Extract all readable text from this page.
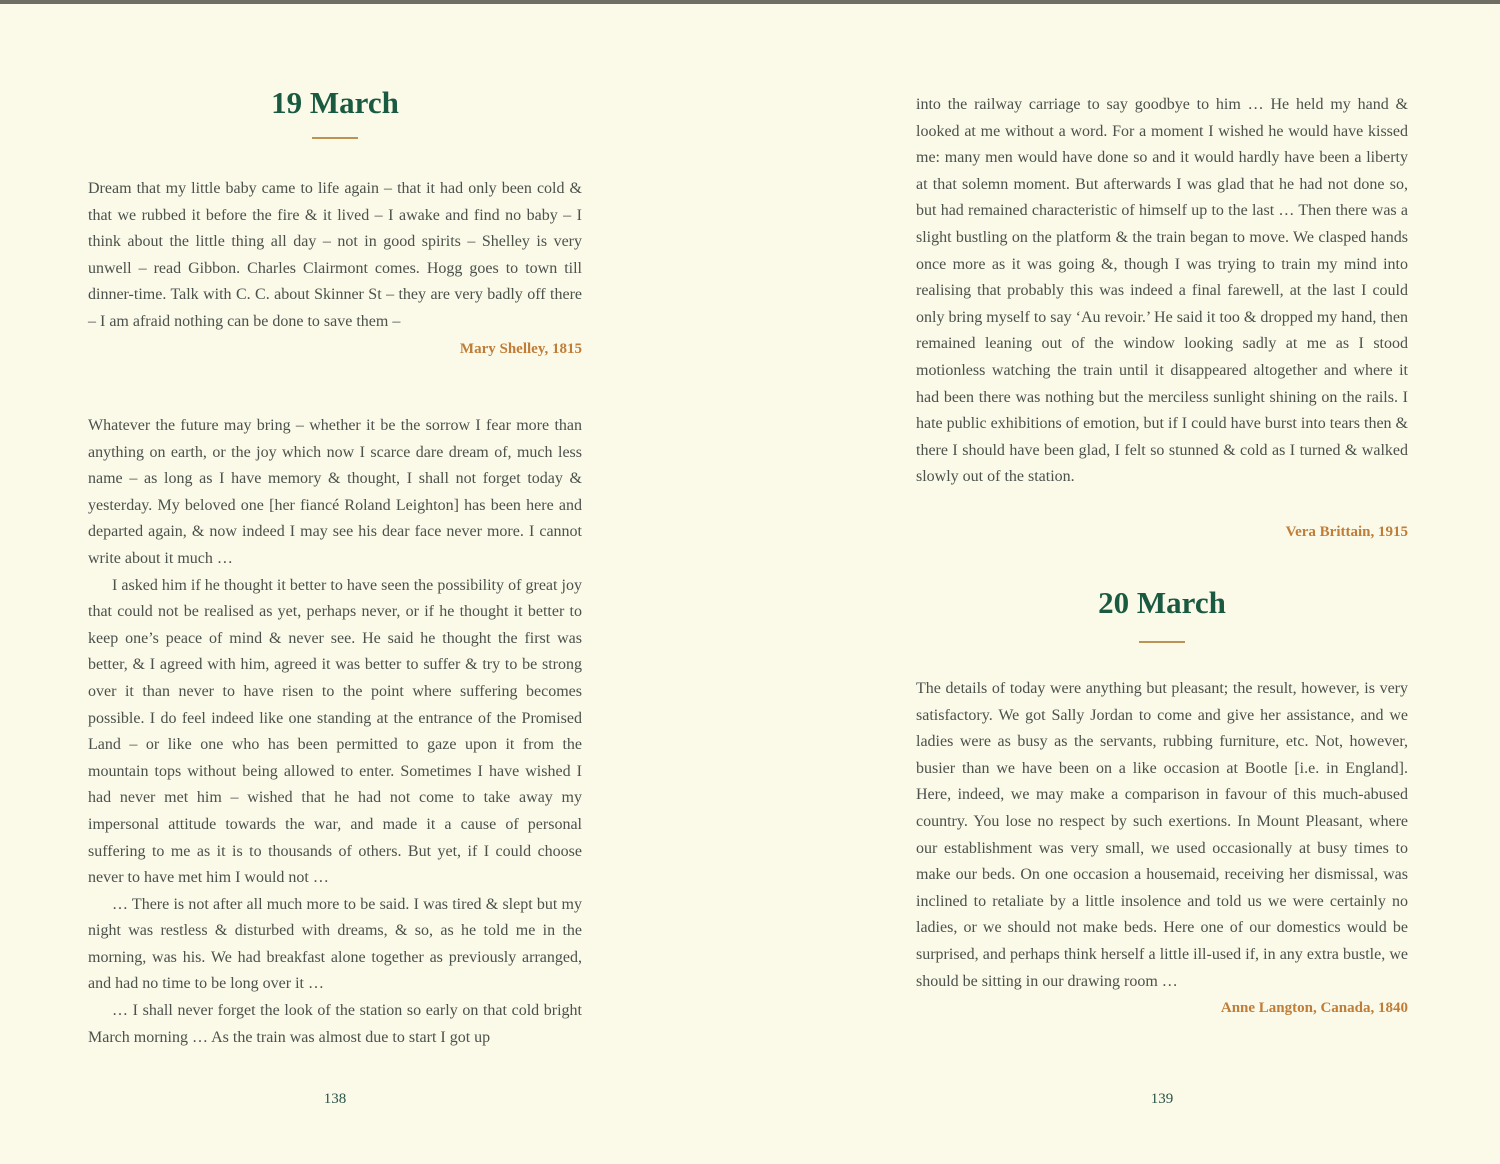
19 March

Dream that my little baby came to life again – that it had only been cold & that we rubbed it before the fire & it lived – I awake and find no baby – I think about the little thing all day – not in good spirits – Shelley is very unwell – read Gibbon. Charles Clairmont comes. Hogg goes to town till dinner-time. Talk with C. C. about Skinner St – they are very badly off there – I am afraid nothing can be done to save them –

Mary Shelley, 1815

Whatever the future may bring – whether it be the sorrow I fear more than anything on earth, or the joy which now I scarce dare dream of, much less name – as long as I have memory & thought, I shall not forget today & yesterday. My beloved one [her fiancé Roland Leighton] has been here and departed again, & now indeed I may see his dear face never more. I cannot write about it much …

I asked him if he thought it better to have seen the possibility of great joy that could not be realised as yet, perhaps never, or if he thought it better to keep one’s peace of mind & never see. He said he thought the first was better, & I agreed with him, agreed it was better to suffer & try to be strong over it than never to have risen to the point where suffering becomes possible. I do feel indeed like one standing at the entrance of the Promised Land – or like one who has been permitted to gaze upon it from the mountain tops without being allowed to enter. Sometimes I have wished I had never met him – wished that he had not come to take away my impersonal attitude towards the war, and made it a cause of personal suffering to me as it is to thousands of others. But yet, if I could choose never to have met him I would not …

… There is not after all much more to be said. I was tired & slept but my night was restless & disturbed with dreams, & so, as he told me in the morning, was his. We had breakfast alone together as previously arranged, and had no time to be long over it …

… I shall never forget the look of the station so early on that cold bright March morning … As the train was almost due to start I got up

138

into the railway carriage to say goodbye to him … He held my hand & looked at me without a word. For a moment I wished he would have kissed me: many men would have done so and it would hardly have been a liberty at that solemn moment. But afterwards I was glad that he had not done so, but had remained characteristic of himself up to the last … Then there was a slight bustling on the platform & the train began to move. We clasped hands once more as it was going &, though I was trying to train my mind into realising that probably this was indeed a final farewell, at the last I could only bring myself to say ‘Au revoir.’ He said it too & dropped my hand, then remained leaning out of the window looking sadly at me as I stood motionless watching the train until it disappeared altogether and where it had been there was nothing but the merciless sunlight shining on the rails. I hate public exhibitions of emotion, but if I could have burst into tears then & there I should have been glad, I felt so stunned & cold as I turned & walked slowly out of the station.

Vera Brittain, 1915

20 March

The details of today were anything but pleasant; the result, however, is very satisfactory. We got Sally Jordan to come and give her assistance, and we ladies were as busy as the servants, rubbing furniture, etc. Not, however, busier than we have been on a like occasion at Bootle [i.e. in England]. Here, indeed, we may make a comparison in favour of this much-abused country. You lose no respect by such exertions. In Mount Pleasant, where our establishment was very small, we used occasionally at busy times to make our beds. On one occasion a housemaid, receiving her dismissal, was inclined to retaliate by a little insolence and told us we were certainly no ladies, or we should not make beds. Here one of our domestics would be surprised, and perhaps think herself a little ill-used if, in any extra bustle, we should be sitting in our drawing room …

Anne Langton, Canada, 1840

139
